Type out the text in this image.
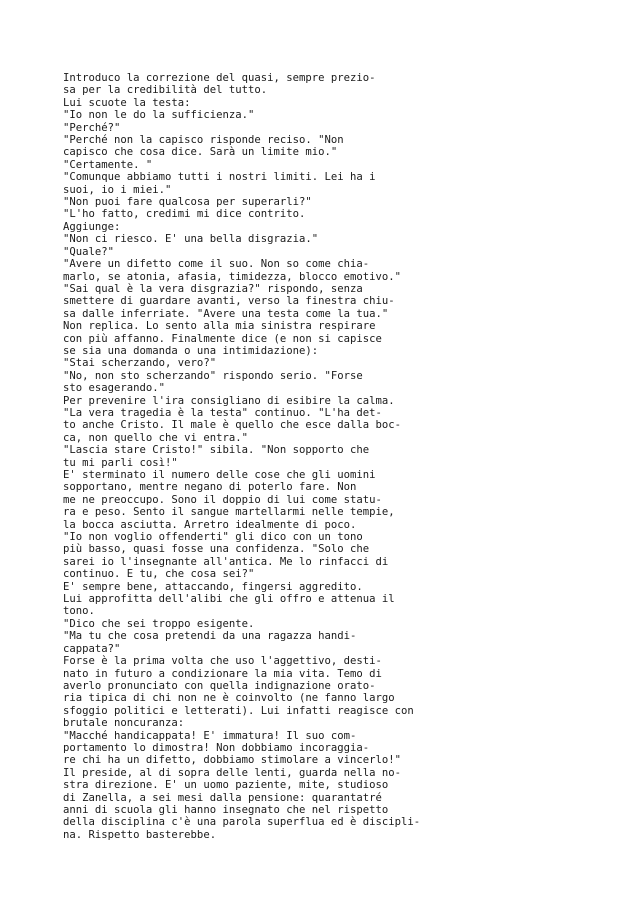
Introduco la correzione del quasi, sempre prezio-

sa per la credibilità del tutto.

Lui scuote la testa:

"Io non le do la sufficienza."

"Perché?"

"Perché non la capisco risponde reciso. "Non

capisco che cosa dice. Sarà un limite mio."

"Certamente. "

"Comunque abbiamo tutti i nostri limiti. Lei ha i

suoi, io i miei."

"Non puoi fare qualcosa per superarli?"

"L'ho fatto, credimi mi dice contrito.

Aggiunge:

"Non ci riesco. E' una bella disgrazia."

"Quale?"

"Avere un difetto come il suo. Non so come chia-

marlo, se atonia, afasia, timidezza, blocco emotivo."

"Sai qual è la vera disgrazia?" rispondo, senza

smettere di guardare avanti, verso la finestra chiu-

sa dalle inferriate. "Avere una testa come la tua."

Non replica. Lo sento alla mia sinistra respirare

con più affanno. Finalmente dice (e non si capisce

se sia una domanda o una intimidazione):

"Stai scherzando, vero?"

"No, non sto scherzando" rispondo serio. "Forse

sto esagerando."

Per prevenire l'ira consigliano di esibire la calma.

"La vera tragedia è la testa" continuo. "L'ha det-

to anche Cristo. Il male è quello che esce dalla boc-

ca, non quello che vi entra."

"Lascia stare Cristo!" sibila. "Non sopporto che

tu mi parli così!"

E' sterminato il numero delle cose che gli uomini

sopportano, mentre negano di poterlo fare. Non

me ne preoccupo. Sono il doppio di lui come statu-

ra e peso. Sento il sangue martellarmi nelle tempie,

la bocca asciutta. Arretro idealmente di poco.

"Io non voglio offenderti" gli dico con un tono

più basso, quasi fosse una confidenza. "Solo che

sarei io l'insegnante all'antica. Me lo rinfacci di

continuo. E tu, che cosa sei?"

E' sempre bene, attaccando, fingersi aggredito.

Lui approfitta dell'alibi che gli offro e attenua il

tono.

"Dico che sei troppo esigente.

"Ma tu che cosa pretendi da una ragazza handi-

cappata?"

Forse è la prima volta che uso l'aggettivo, desti-

nato in futuro a condizionare la mia vita. Temo di

averlo pronunciato con quella indignazione orato-

ria tipica di chi non ne è coinvolto (ne fanno largo

sfoggio politici e letterati). Lui infatti reagisce con

brutale noncuranza:

"Macché handicappata! E' immatura! Il suo com-

portamento lo dimostra! Non dobbiamo incoraggia-

re chi ha un difetto, dobbiamo stimolare a vincerlo!"

Il preside, al di sopra delle lenti, guarda nella no-

stra direzione. E' un uomo paziente, mite, studioso

di Zanella, a sei mesi dalla pensione: quarantatré

anni di scuola gli hanno insegnato che nel rispetto

della disciplina c'è una parola superflua ed è discipli-

na. Rispetto basterebbe.
